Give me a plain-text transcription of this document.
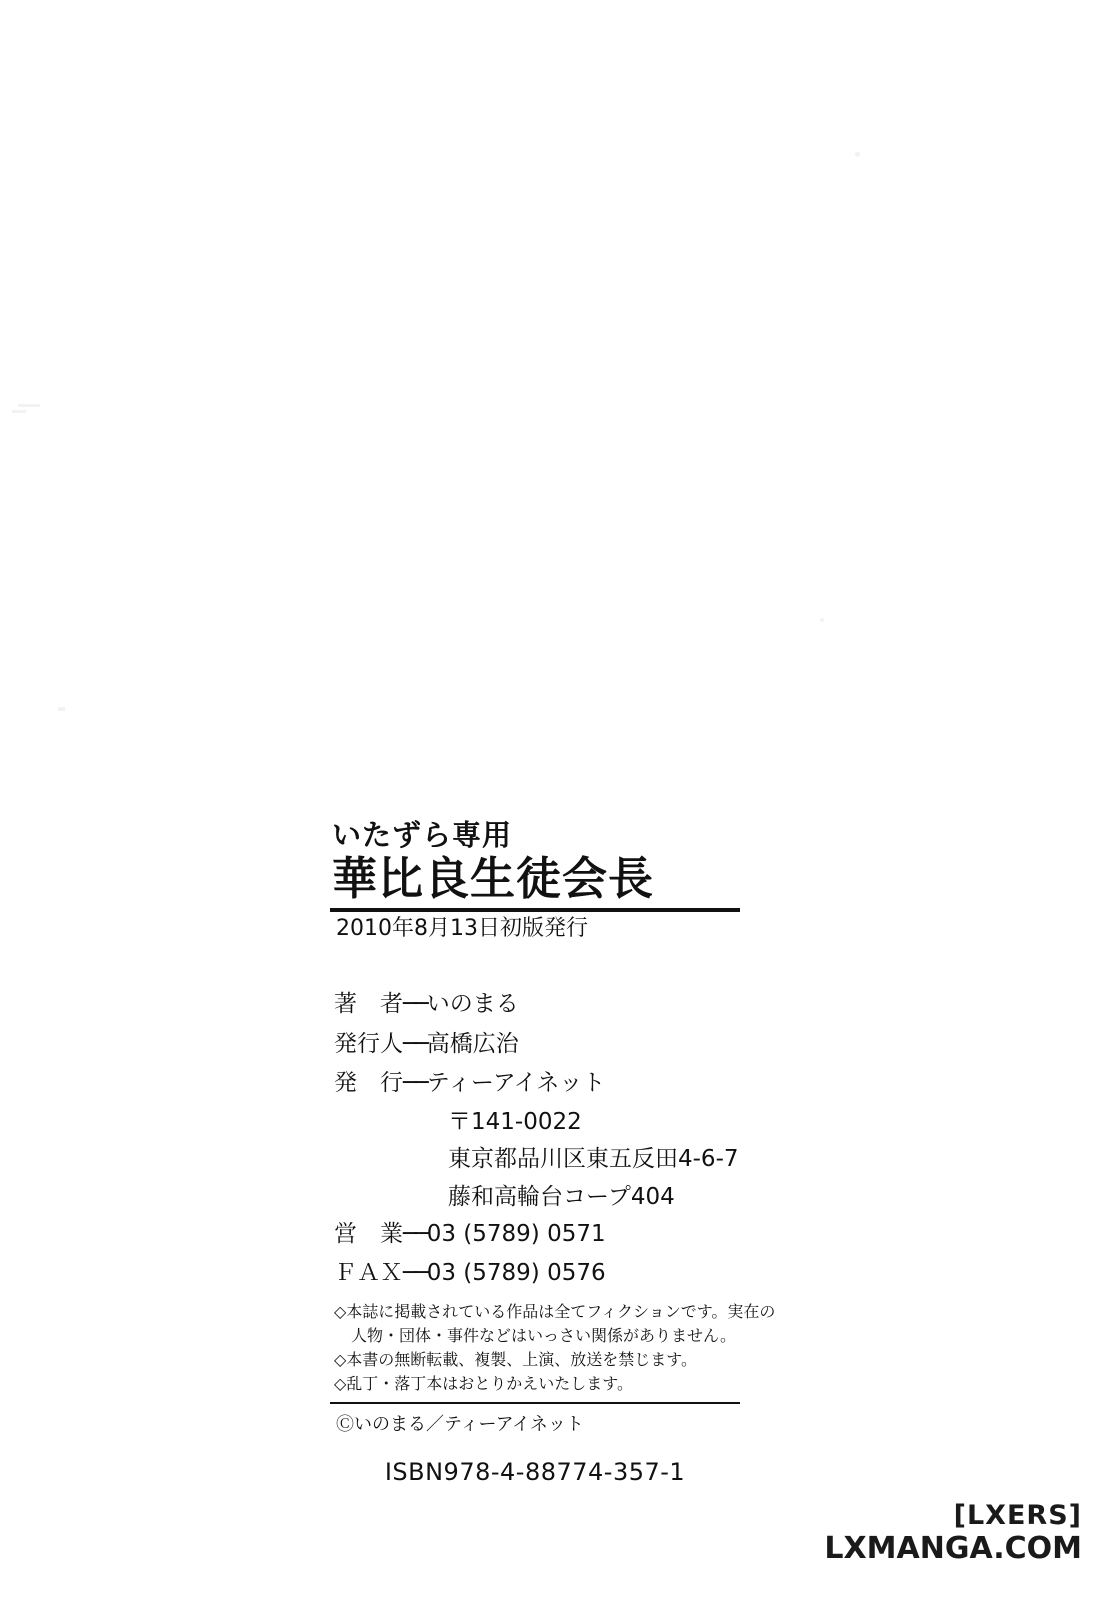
いたずら専用
華比良生徒会長
2010年8月13日初版発行
著　者──いのまる
発行人──高橋広治
発　行──ティーアイネット
〒141-0022
東京都品川区東五反田4-6-7
藤和高輪台コープ404
営　業──03 (5789) 0571
ＦＡＸ──03 (5789) 0576
◇本誌に掲載されている作品は全てフィクションです。実在の
人物・団体・事件などはいっさい関係がありません。
◇本書の無断転載、複製、上演、放送を禁じます。
◇乱丁・落丁本はおとりかえいたします。
Ⓒいのまる／ティーアイネット
ISBN978-4-88774-357-1
[LXERS]
LXMANGA.COM
